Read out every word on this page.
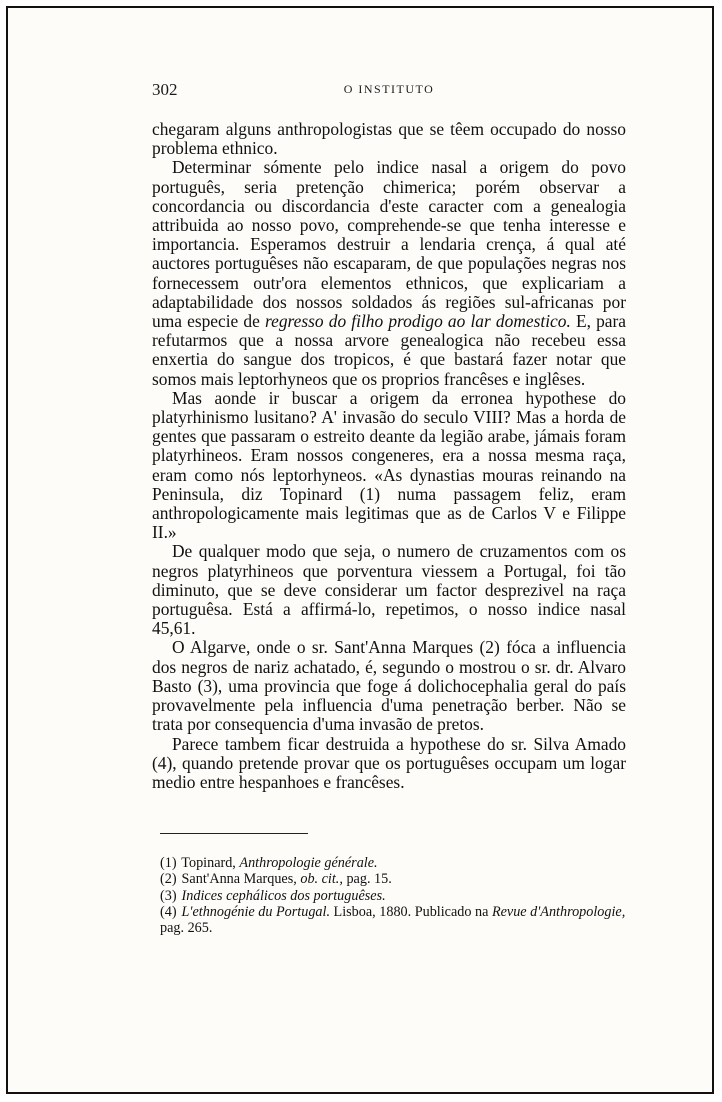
302	O INSTITUTO

chegaram alguns anthropologistas que se têem occupado do nosso problema ethnico.

Determinar sómente pelo indice nasal a origem do povo português, seria pretenção chimerica; porém observar a concordancia ou discordancia d'este caracter com a genealogia attribuida ao nosso povo, comprehende-se que tenha interesse e importancia. Esperamos destruir a lendaria crença, á qual até auctores portuguêses não escaparam, de que populações negras nos fornecessem outr'ora elementos ethnicos, que explicariam a adaptabilidade dos nossos soldados ás regiões sul-africanas por uma especie de regresso do filho prodigo ao lar domestico. E, para refutarmos que a nossa arvore genealogica não recebeu essa enxertia do sangue dos tropicos, é que bastará fazer notar que somos mais leptorhyneos que os proprios francêses e inglêses.

Mas aonde ir buscar a origem da erronea hypothese do platyrhinismo lusitano? A' invasão do seculo VIII? Mas a horda de gentes que passaram o estreito deante da legião arabe, jámais foram platyrhineos. Eram nossos congeneres, era a nossa mesma raça, eram como nós leptorhyneos. «As dynastias mouras reinando na Peninsula, diz Topinard (1) numa passagem feliz, eram anthropologicamente mais legitimas que as de Carlos V e Filippe II.»

De qualquer modo que seja, o numero de cruzamentos com os negros platyrhineos que porventura viessem a Portugal, foi tão diminuto, que se deve considerar um factor desprezivel na raça portuguêsa. Está a affirmá-lo, repetimos, o nosso indice nasal 45,61.

O Algarve, onde o sr. Sant'Anna Marques (2) fóca a influencia dos negros de nariz achatado, é, segundo o mostrou o sr. dr. Alvaro Basto (3), uma provincia que foge á dolichocephalia geral do país provavelmente pela influencia d'uma penetração berber. Não se trata por consequencia d'uma invasão de pretos.

Parece tambem ficar destruida a hypothese do sr. Silva Amado (4), quando pretende provar que os portuguêses occupam um logar medio entre hespanhoes e francêses.

(1) Topinard, Anthropologie générale.
(2) Sant'Anna Marques, ob. cit., pag. 15.
(3) Indices cephálicos dos portuguêses.
(4) L'ethnogénie du Portugal. Lisboa, 1880. Publicado na Revue d'Anthropologie, pag. 265.
